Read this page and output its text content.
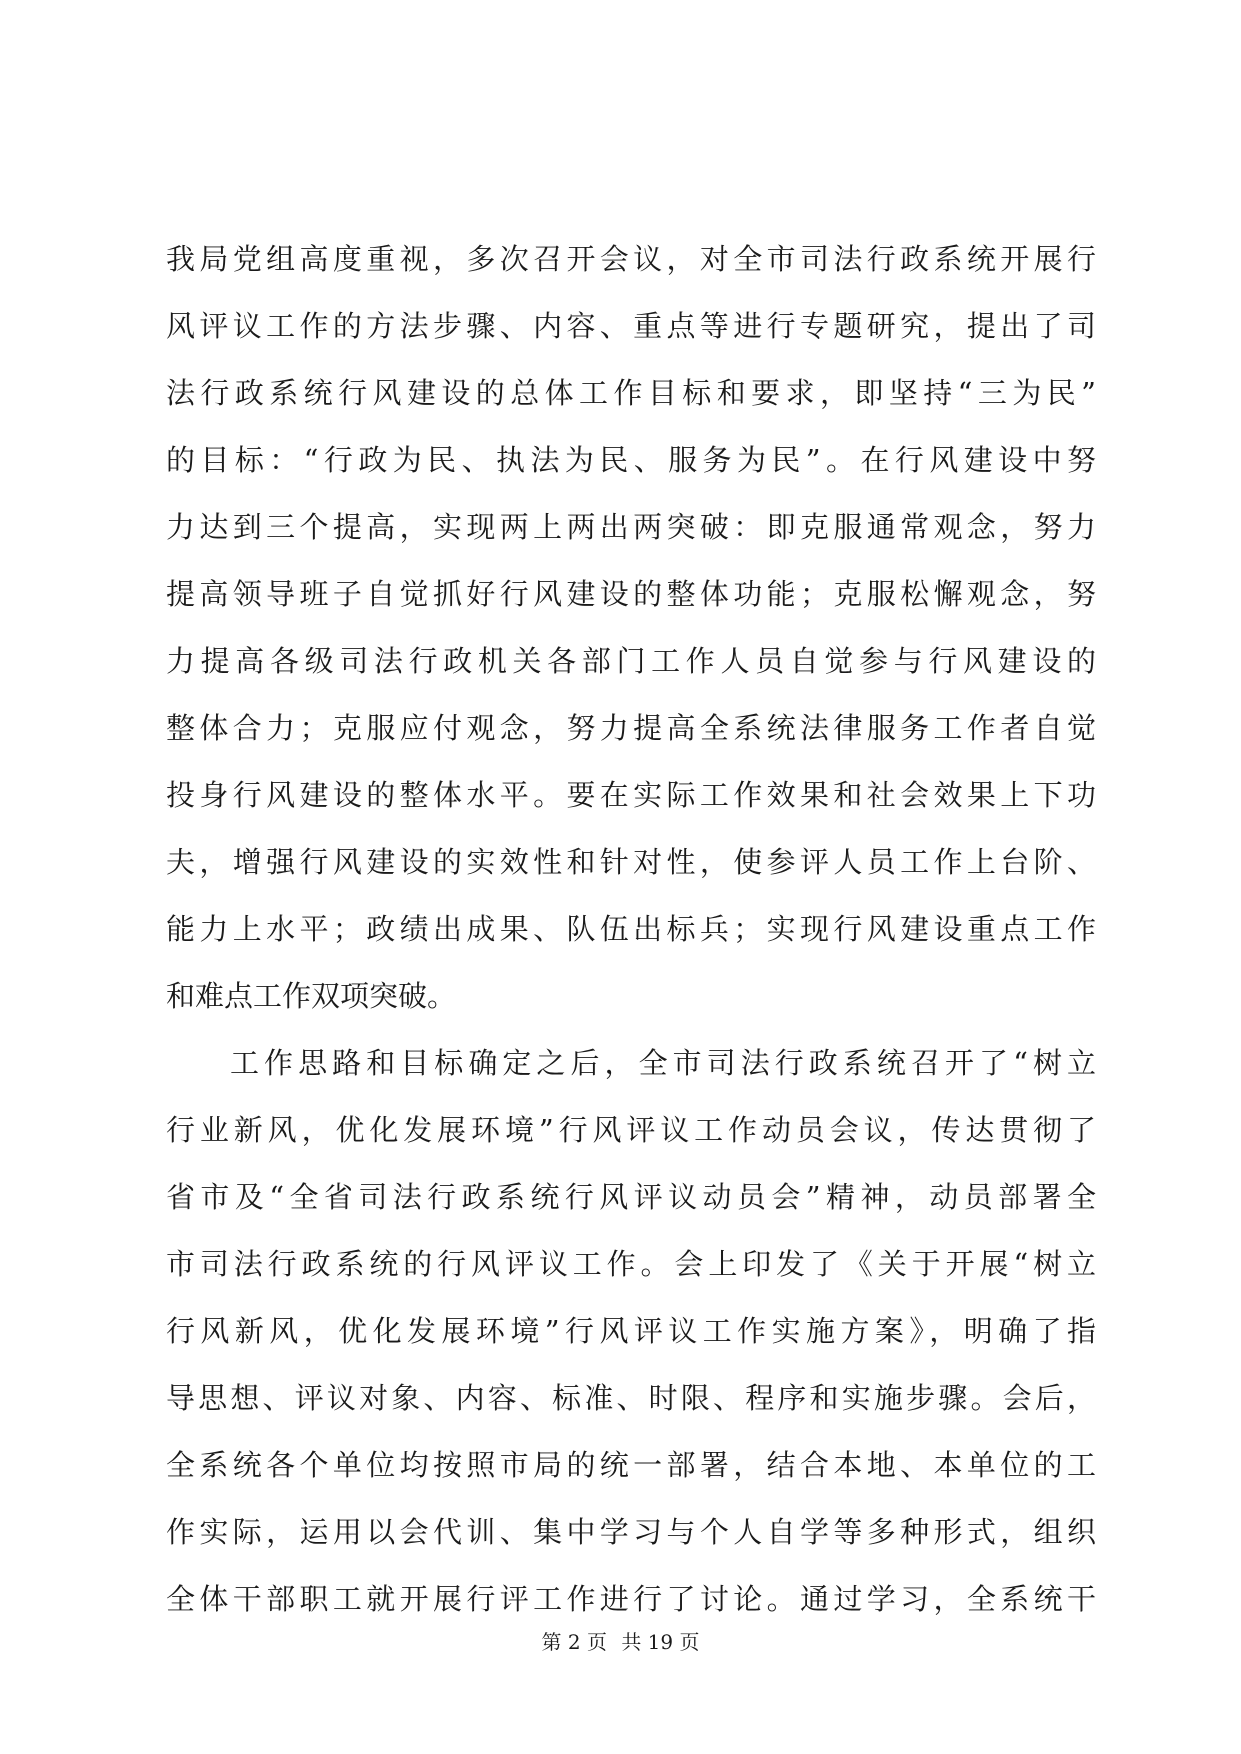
我局党组高度重视，多次召开会议，对全市司法行政系统开展行
风评议工作的方法步骤、内容、重点等进行专题研究，提出了司
法行政系统行风建设的总体工作目标和要求，即坚持“三为民”
的目标：“行政为民、执法为民、服务为民”。在行风建设中努
力达到三个提高，实现两上两出两突破：即克服通常观念，努力
提高领导班子自觉抓好行风建设的整体功能；克服松懈观念，努
力提高各级司法行政机关各部门工作人员自觉参与行风建设的
整体合力；克服应付观念，努力提高全系统法律服务工作者自觉
投身行风建设的整体水平。要在实际工作效果和社会效果上下功
夫，增强行风建设的实效性和针对性，使参评人员工作上台阶、
能力上水平；政绩出成果、队伍出标兵；实现行风建设重点工作
和难点工作双项突破。
工作思路和目标确定之后，全市司法行政系统召开了“树立
行业新风，优化发展环境”行风评议工作动员会议，传达贯彻了
省市及“全省司法行政系统行风评议动员会”精神，动员部署全
市司法行政系统的行风评议工作。会上印发了《关于开展“树立
行风新风，优化发展环境”行风评议工作实施方案》，明确了指
导思想、评议对象、内容、标准、时限、程序和实施步骤。会后，
全系统各个单位均按照市局的统一部署，结合本地、本单位的工
作实际，运用以会代训、集中学习与个人自学等多种形式，组织
全体干部职工就开展行评工作进行了讨论。通过学习，全系统干
第 2 页 共 19 页
